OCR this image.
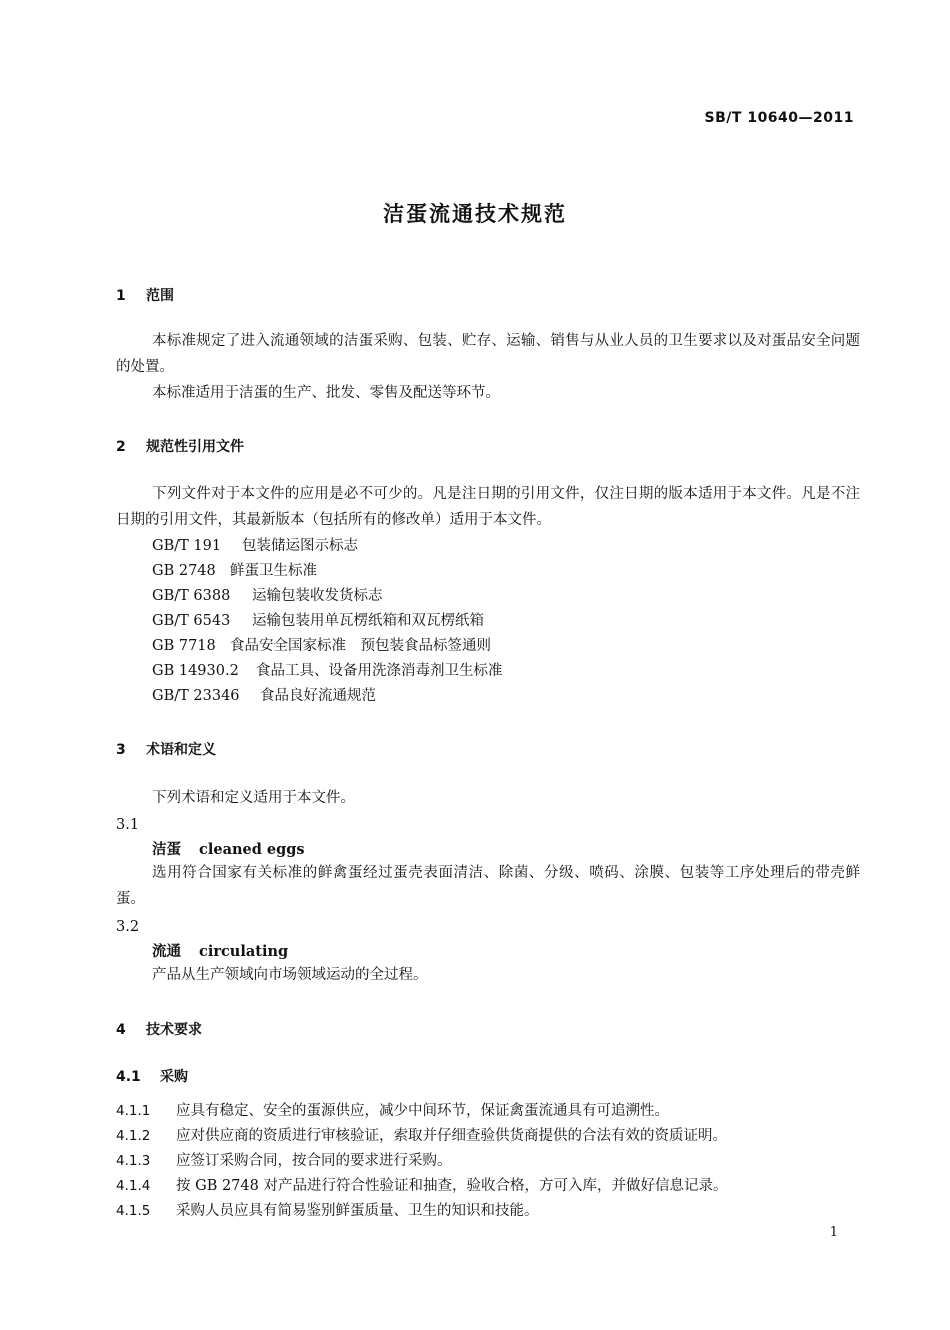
SB/T 10640—2011
洁蛋流通技术规范
1 范围
本标准规定了进入流通领域的洁蛋采购、包装、贮存、运输、销售与从业人员的卫生要求以及对蛋品安全问题的处置。
本标准适用于洁蛋的生产、批发、零售及配送等环节。
2 规范性引用文件
下列文件对于本文件的应用是必不可少的。凡是注日期的引用文件，仅注日期的版本适用于本文件。凡是不注日期的引用文件，其最新版本（包括所有的修改单）适用于本文件。
GB/T 191 包装储运图示标志
GB 2748 鲜蛋卫生标准
GB/T 6388 运输包装收发货标志
GB/T 6543 运输包装用单瓦楞纸箱和双瓦楞纸箱
GB 7718 食品安全国家标准　预包装食品标签通则
GB 14930.2 食品工具、设备用洗涤消毒剂卫生标准
GB/T 23346 食品良好流通规范
3 术语和定义
下列术语和定义适用于本文件。
3.1
洁蛋 cleaned eggs
选用符合国家有关标准的鲜禽蛋经过蛋壳表面清洁、除菌、分级、喷码、涂膜、包装等工序处理后的带壳鲜蛋。
3.2
流通 circulating
产品从生产领域向市场领域运动的全过程。
4 技术要求
4.1 采购
4.1.1 应具有稳定、安全的蛋源供应，减少中间环节，保证禽蛋流通具有可追溯性。
4.1.2 应对供应商的资质进行审核验证，索取并仔细查验供货商提供的合法有效的资质证明。
4.1.3 应签订采购合同，按合同的要求进行采购。
4.1.4 按 GB 2748 对产品进行符合性验证和抽查，验收合格，方可入库，并做好信息记录。
4.1.5 采购人员应具有简易鉴别鲜蛋质量、卫生的知识和技能。
1
